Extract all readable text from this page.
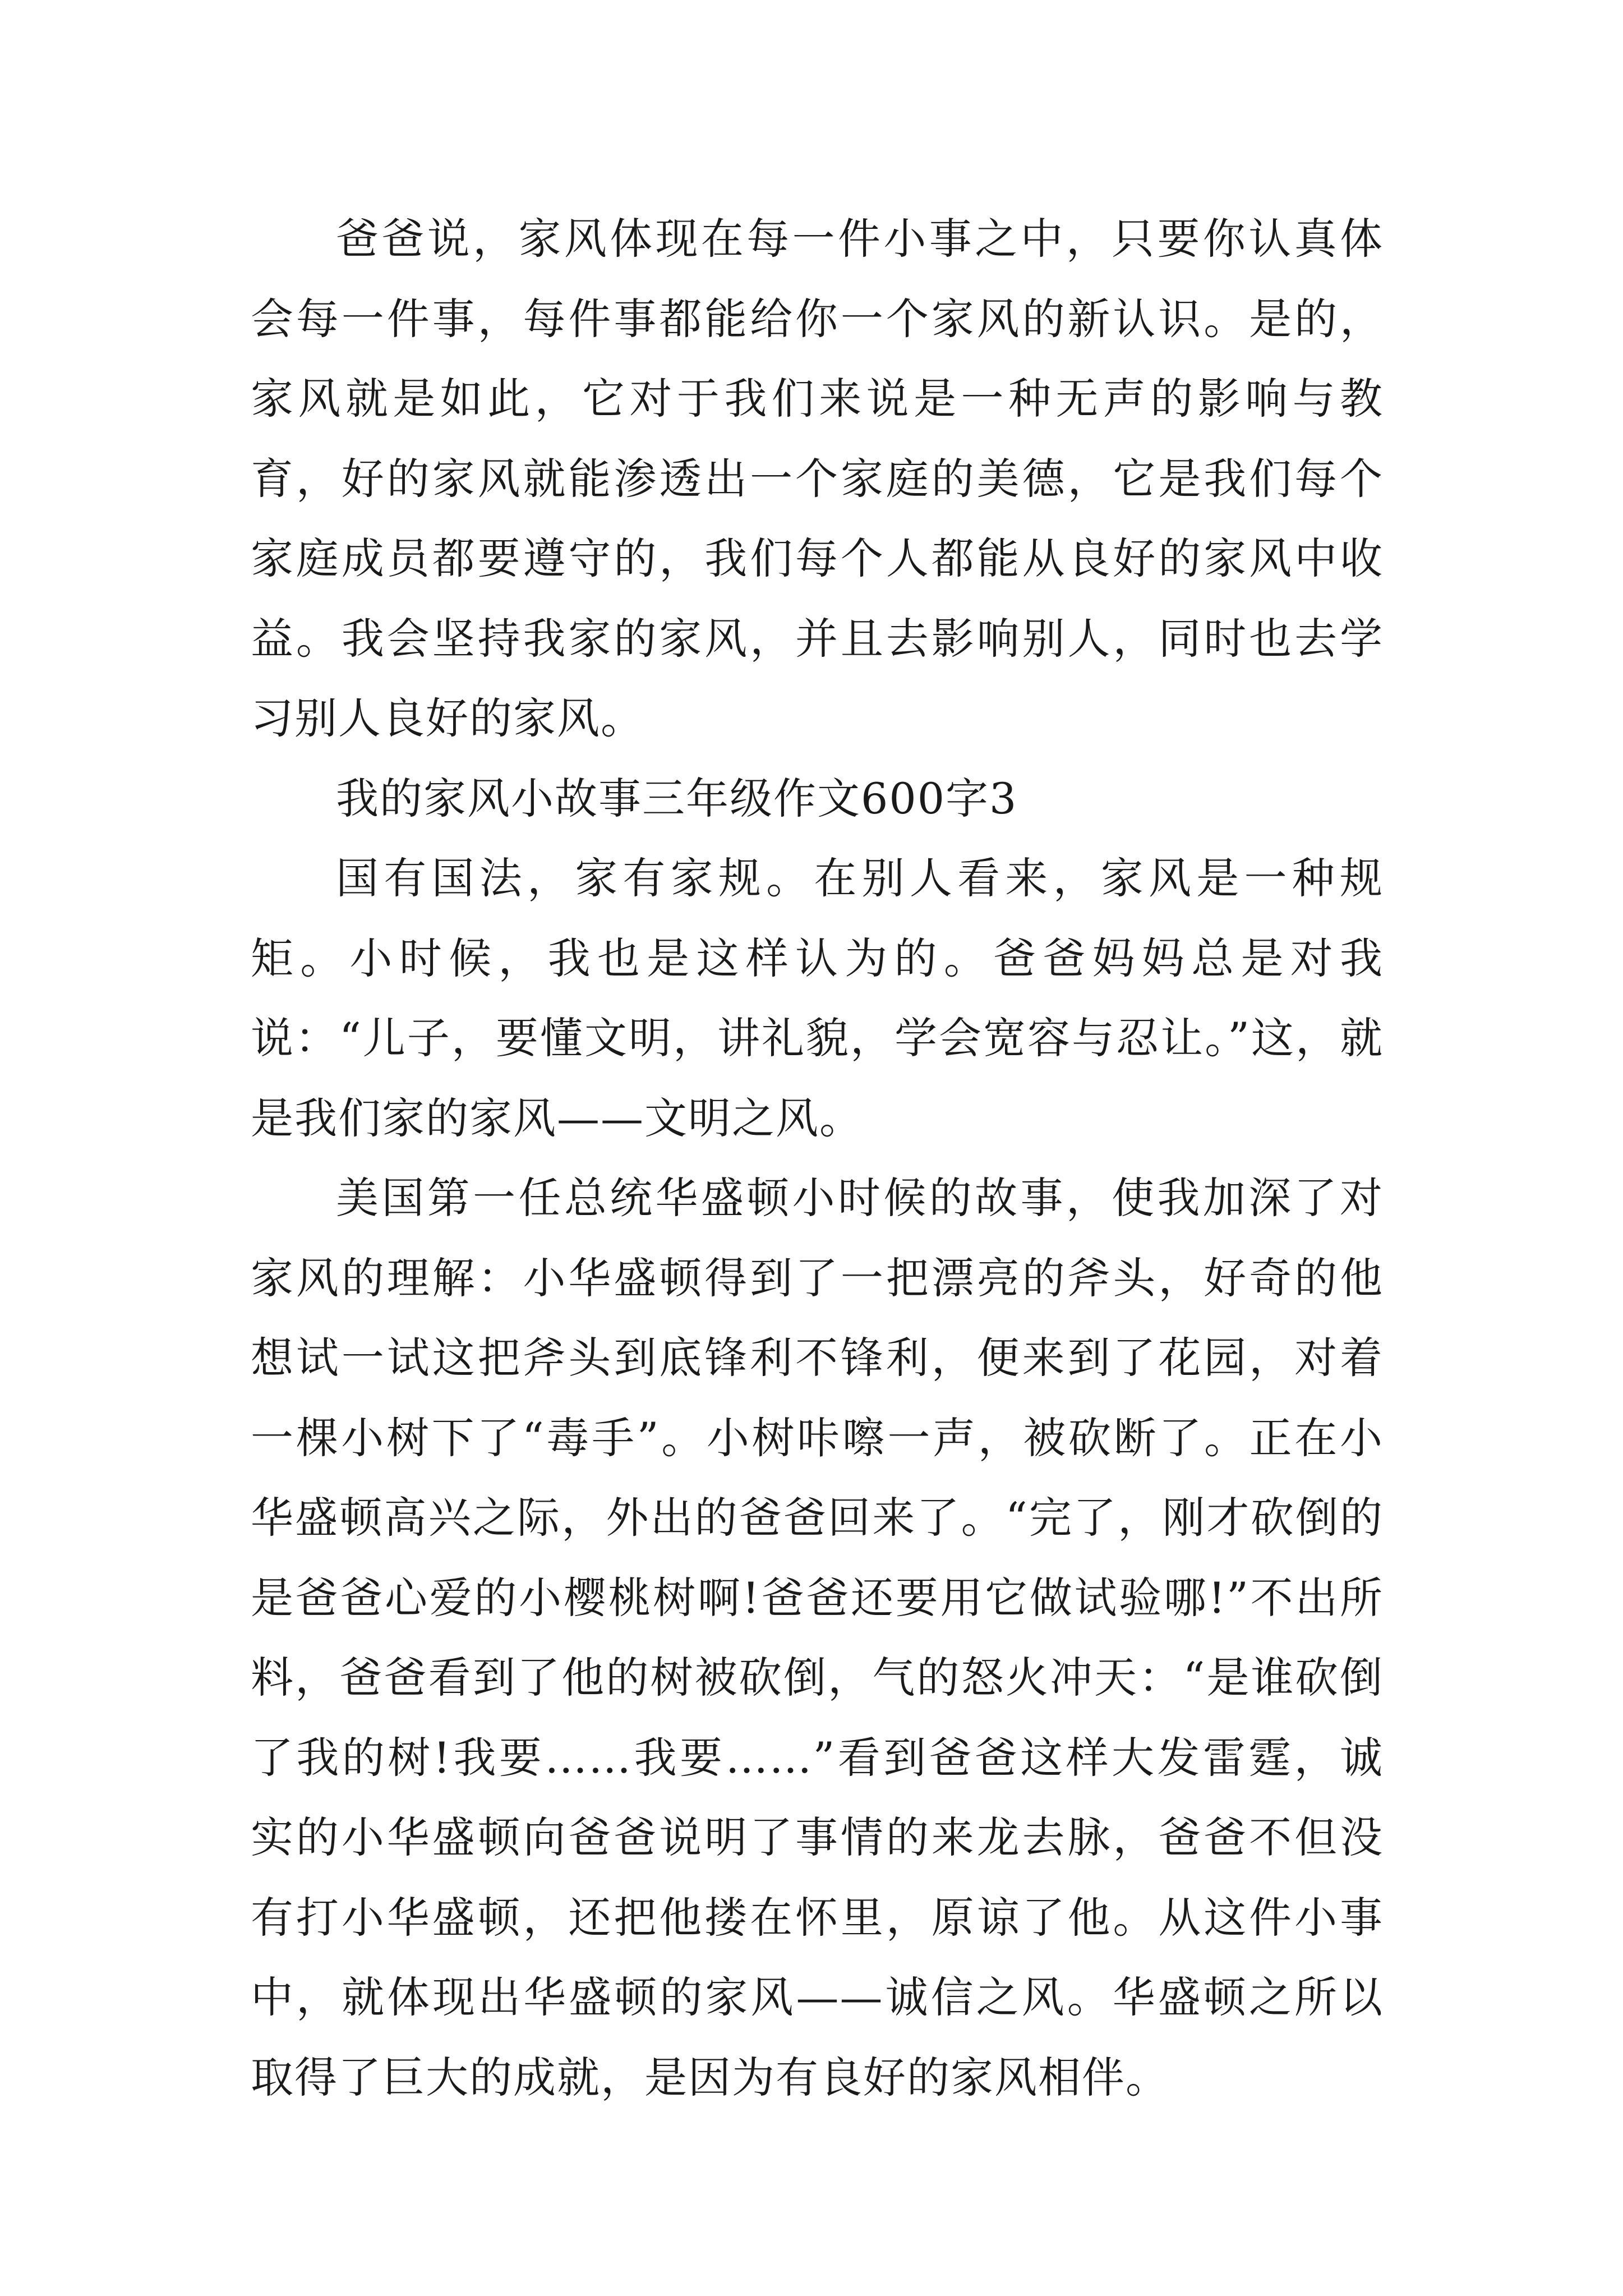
爸爸说，家风体现在每一件小事之中，只要你认真体会每一件事，每件事都能给你一个家风的新认识。是的，家风就是如此，它对于我们来说是一种无声的影响与教育，好的家风就能渗透出一个家庭的美德，它是我们每个家庭成员都要遵守的，我们每个人都能从良好的家风中收益。我会坚持我家的家风，并且去影响别人，同时也去学习别人良好的家风。

我的家风小故事三年级作文600字3

国有国法，家有家规。在别人看来，家风是一种规矩。小时候，我也是这样认为的。爸爸妈妈总是对我说：“儿子，要懂文明，讲礼貌，学会宽容与忍让。”这，就是我们家的家风——文明之风。

美国第一任总统华盛顿小时候的故事，使我加深了对家风的理解：小华盛顿得到了一把漂亮的斧头，好奇的他想试一试这把斧头到底锋利不锋利，便来到了花园，对着一棵小树下了“毒手”。小树咔嚓一声，被砍断了。正在小华盛顿高兴之际，外出的爸爸回来了。“完了，刚才砍倒的是爸爸心爱的小樱桃树啊!爸爸还要用它做试验哪!”不出所料，爸爸看到了他的树被砍倒，气的怒火冲天：“是谁砍倒了我的树!我要……我要……”看到爸爸这样大发雷霆，诚实的小华盛顿向爸爸说明了事情的来龙去脉，爸爸不但没有打小华盛顿，还把他搂在怀里，原谅了他。从这件小事中，就体现出华盛顿的家风——诚信之风。华盛顿之所以取得了巨大的成就，是因为有良好的家风相伴。
